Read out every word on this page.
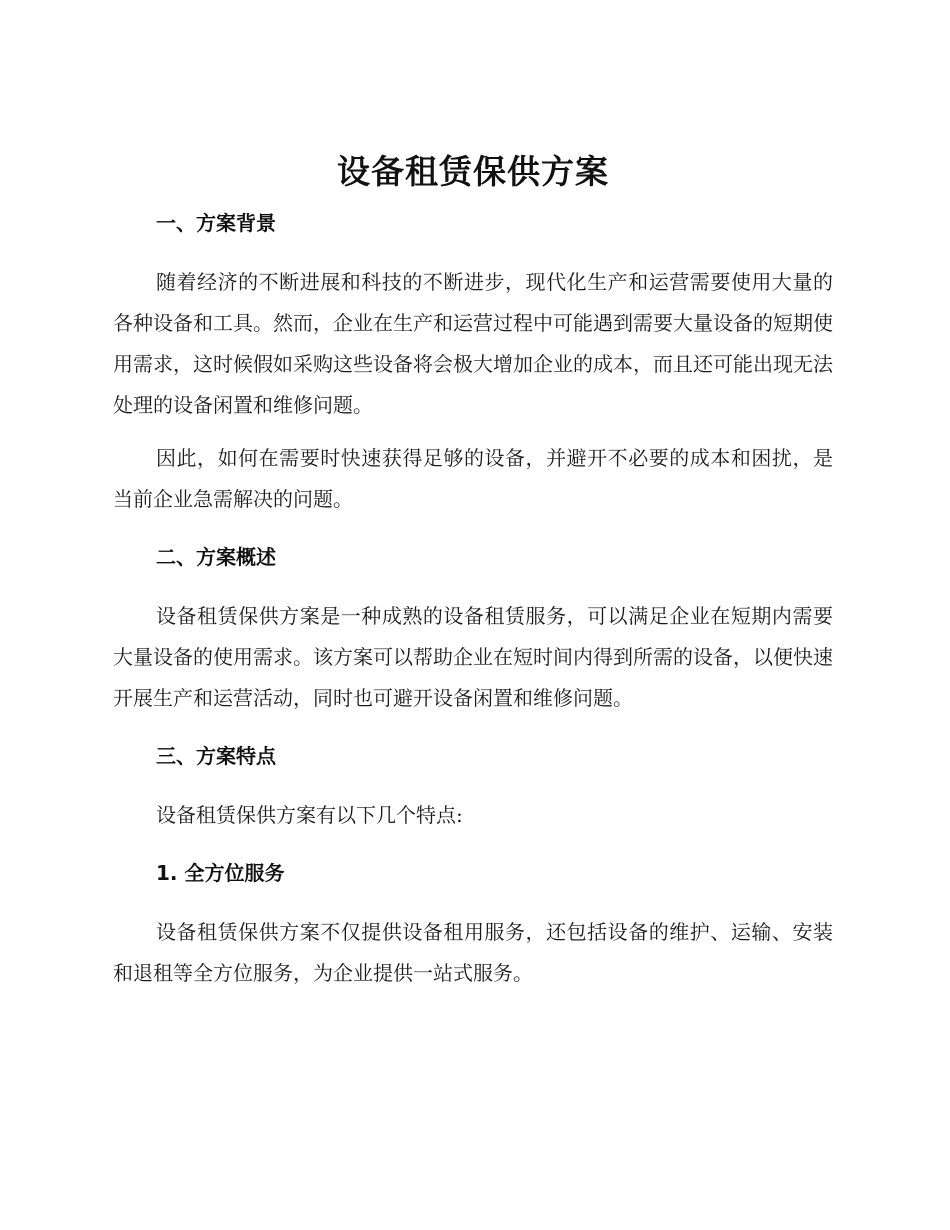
设备租赁保供方案
一、方案背景

随着经济的不断进展和科技的不断进步，现代化生产和运营需要使用大量的各种设备和工具。然而，企业在生产和运营过程中可能遇到需要大量设备的短期使用需求，这时候假如采购这些设备将会极大增加企业的成本，而且还可能出现无法处理的设备闲置和维修问题。

因此，如何在需要时快速获得足够的设备，并避开不必要的成本和困扰，是当前企业急需解决的问题。

二、方案概述

设备租赁保供方案是一种成熟的设备租赁服务，可以满足企业在短期内需要大量设备的使用需求。该方案可以帮助企业在短时间内得到所需的设备，以便快速开展生产和运营活动，同时也可避开设备闲置和维修问题。

三、方案特点

设备租赁保供方案有以下几个特点:

1. 全方位服务

设备租赁保供方案不仅提供设备租用服务，还包括设备的维护、运输、安装和退租等全方位服务，为企业提供一站式服务。
